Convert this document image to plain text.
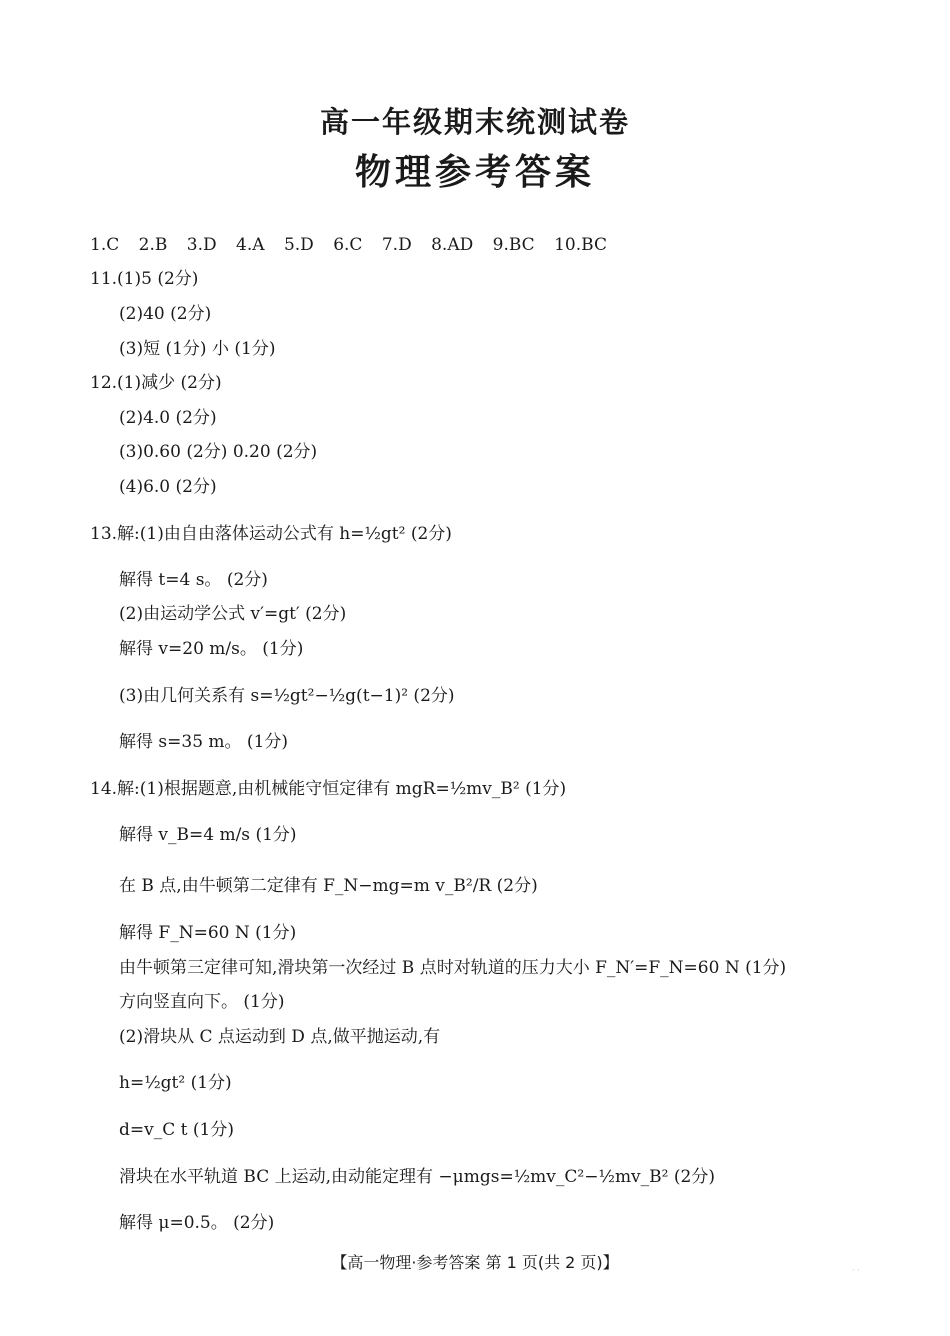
高一年级期末统测试卷
物理参考答案
1.C 2.B 3.D 4.A 5.D 6.C 7.D 8.AD 9.BC 10.BC
11.(1)5 (2分)
(2)40 (2分)
(3)短 (1分) 小 (1分)
12.(1)减少 (2分)
(2)4.0 (2分)
(3)0.60 (2分) 0.20 (2分)
(4)6.0 (2分)
13.解:(1)由自由落体运动公式有 h=½gt² (2分)
解得 t=4 s。 (2分)
(2)由运动学公式 v′=gt′ (2分)
解得 v=20 m/s。 (1分)
(3)由几何关系有 s=½gt²−½g(t−1)² (2分)
解得 s=35 m。 (1分)
14.解:(1)根据题意,由机械能守恒定律有 mgR=½mv_B² (1分)
解得 v_B=4 m/s (1分)
在 B 点,由牛顿第二定律有 F_N−mg=m v_B²/R (2分)
解得 F_N=60 N (1分)
由牛顿第三定律可知,滑块第一次经过 B 点时对轨道的压力大小 F_N′=F_N=60 N (1分)
方向竖直向下。 (1分)
(2)滑块从 C 点运动到 D 点,做平抛运动,有
h=½gt² (1分)
d=v_C t (1分)
滑块在水平轨道 BC 上运动,由动能定理有 −μmgs=½mv_C²−½mv_B² (2分)
解得 μ=0.5。 (2分)
【高一物理·参考答案 第 1 页(共 2 页)】	· ·
